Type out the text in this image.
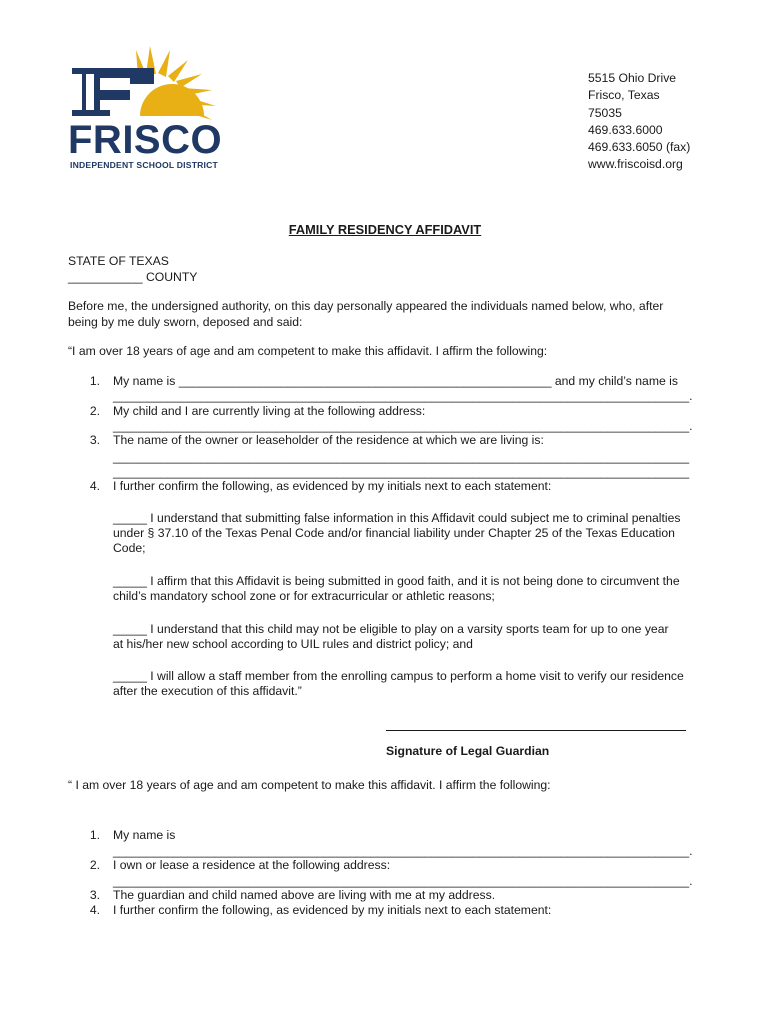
FRISCO
INDEPENDENT SCHOOL DISTRICT
5515 Ohio Drive
Frisco, Texas
75035
469.633.6000
469.633.6050 (fax)
www.friscoisd.org
FAMILY RESIDENCY AFFIDAVIT
STATE OF TEXAS
___________ COUNTY
Before me, the undersigned authority, on this day personally appeared the individuals named below, who, after
being by me duly sworn, deposed and said:
“I am over 18 years of age and am competent to make this affidavit. I affirm the following:
1. My name is _______________________________________________________ and my child’s name is
_____________________________________________________________________________________.
2. My child and I are currently living at the following address:
_____________________________________________________________________________________.
3. The name of the owner or leaseholder of the residence at which we are living is:
_____________________________________________________________________________________
_____________________________________________________________________________________
4. I further confirm the following, as evidenced by my initials next to each statement:
_____ I understand that submitting false information in this Affidavit could subject me to criminal penalties
under § 37.10 of the Texas Penal Code and/or financial liability under Chapter 25 of the Texas Education
Code;
_____ I affirm that this Affidavit is being submitted in good faith, and it is not being done to circumvent the
child’s mandatory school zone or for extracurricular or athletic reasons;
_____ I understand that this child may not be eligible to play on a varsity sports team for up to one year
at his/her new school according to UIL rules and district policy; and
_____ I will allow a staff member from the enrolling campus to perform a home visit to verify our residence
after the execution of this affidavit.”
Signature of Legal Guardian
“ I am over 18 years of age and am competent to make this affidavit. I affirm the following:
1. My name is
_____________________________________________________________________________________.
2. I own or lease a residence at the following address:
_____________________________________________________________________________________.
3. The guardian and child named above are living with me at my address.
4. I further confirm the following, as evidenced by my initials next to each statement:
